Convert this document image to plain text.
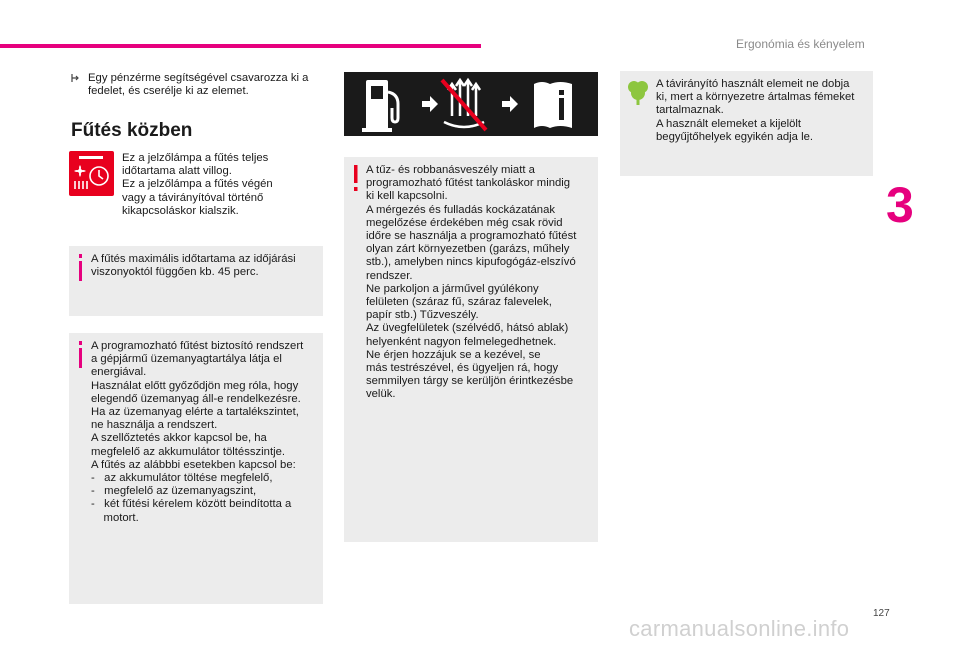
Ergonómia és kényelem
3
Egy pénzérme segítségével csavarozza ki a fedelet, és cserélje ki az elemet.
Fűtés közben
Ez a jelzőlámpa a fűtés teljes
időtartama alatt villog.
Ez a jelzőlámpa a fűtés végén
vagy a távirányítóval történő
kikapcsoláskor kialszik.
A fűtés maximális időtartama az időjárási
viszonyoktól függően kb. 45 perc.
A programozható fűtést biztosító rendszert
a gépjármű üzemanyagtartálya látja el
energiával.
Használat előtt győződjön meg róla, hogy
elegendő üzemanyag áll-e rendelkezésre.
Ha az üzemanyag elérte a tartalékszintet,
ne használja a rendszert.
A szellőztetés akkor kapcsol be, ha
megfelelő az akkumulátor töltésszintje.
A fűtés az alábbbi esetekben kapcsol be:
-   az akkumulátor töltése megfelelő,
-   megfelelő az üzemanyagszint,
-   két fűtési kérelem között beindította a
motort.
A tűz- és robbanásveszély miatt a
programozható fűtést tankoláskor mindig
ki kell kapcsolni.
A mérgezés és fulladás kockázatának
megelőzése érdekében még csak rövid
időre se használja a programozható fűtést
olyan zárt környezetben (garázs, műhely
stb.), amelyben nincs kipufogógáz-elszívó
rendszer.
Ne parkoljon a járművel gyúlékony
felületen (száraz fű, száraz falevelek,
papír stb.) Tűzveszély.
Az üvegfelületek (szélvédő, hátsó ablak)
helyenként nagyon felmelegedhetnek.
Ne érjen hozzájuk se a kezével, se
más testrészével, és ügyeljen rá, hogy
semmilyen tárgy se kerüljön érintkezésbe
velük.
A távirányító használt elemeit ne dobja
ki, mert a környezetre ártalmas fémeket
tartalmaznak.
A használt elemeket a kijelölt
begyűjtőhelyek egyikén adja le.
127
carmanualsonline.info
